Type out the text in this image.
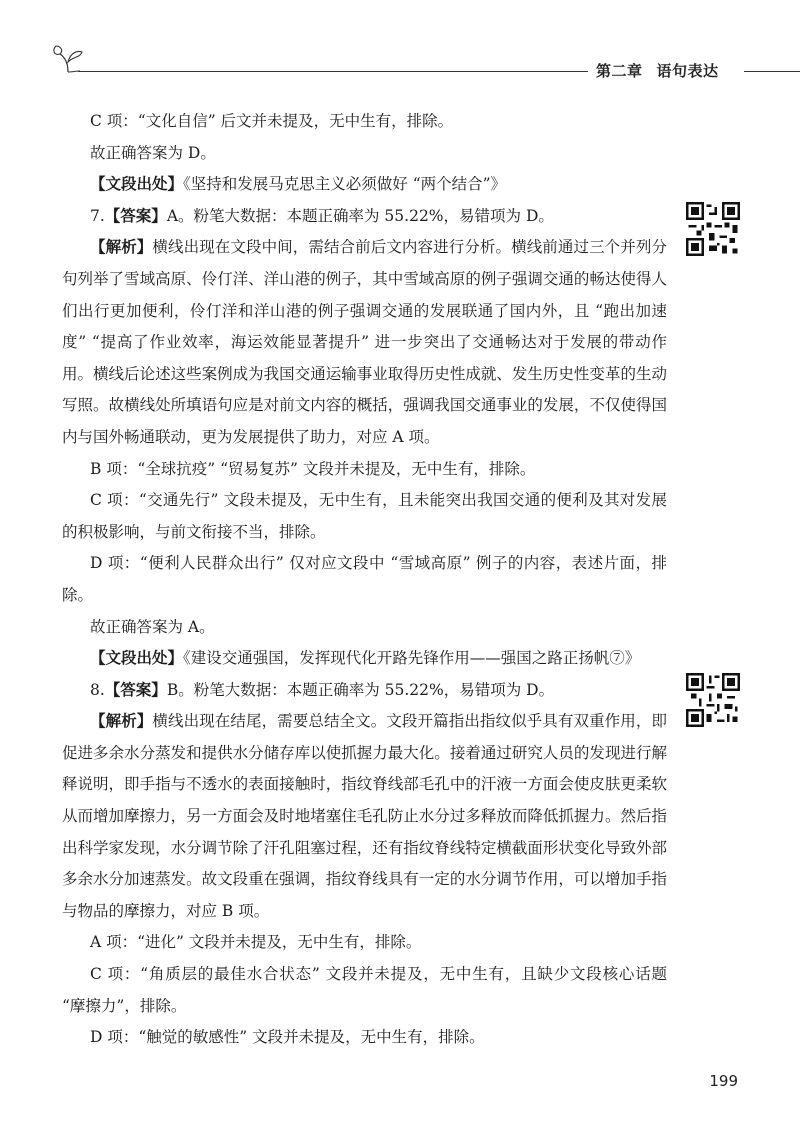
第二章 语句表达

C 项：“文化自信” 后文并未提及，无中生有，排除。

故正确答案为 D。

【文段出处】《坚持和发展马克思主义必须做好 “两个结合”》

7.【答案】A。粉笔大数据：本题正确率为 55.22%，易错项为 D。

【解析】横线出现在文段中间，需结合前后文内容进行分析。横线前通过三个并列分句列举了雪域高原、伶仃洋、洋山港的例子，其中雪域高原的例子强调交通的畅达使得人们出行更加便利，伶仃洋和洋山港的例子强调交通的发展联通了国内外，且 “跑出加速度” “提高了作业效率，海运效能显著提升” 进一步突出了交通畅达对于发展的带动作用。横线后论述这些案例成为我国交通运输事业取得历史性成就、发生历史性变革的生动写照。故横线处所填语句应是对前文内容的概括，强调我国交通事业的发展，不仅使得国内与国外畅通联动，更为发展提供了助力，对应 A 项。

B 项：“全球抗疫” “贸易复苏” 文段并未提及，无中生有，排除。

C 项：“交通先行” 文段未提及，无中生有，且未能突出我国交通的便利及其对发展的积极影响，与前文衔接不当，排除。

D 项：“便利人民群众出行” 仅对应文段中 “雪域高原” 例子的内容，表述片面，排除。

故正确答案为 A。

【文段出处】《建设交通强国，发挥现代化开路先锋作用——强国之路正扬帆⑦》

8.【答案】B。粉笔大数据：本题正确率为 55.22%，易错项为 D。

【解析】横线出现在结尾，需要总结全文。文段开篇指出指纹似乎具有双重作用，即促进多余水分蒸发和提供水分储存库以使抓握力最大化。接着通过研究人员的发现进行解释说明，即手指与不透水的表面接触时，指纹脊线部毛孔中的汗液一方面会使皮肤更柔软从而增加摩擦力，另一方面会及时地堵塞住毛孔防止水分过多释放而降低抓握力。然后指出科学家发现，水分调节除了汗孔阻塞过程，还有指纹脊线特定横截面形状变化导致外部多余水分加速蒸发。故文段重在强调，指纹脊线具有一定的水分调节作用，可以增加手指与物品的摩擦力，对应 B 项。

A 项：“进化” 文段并未提及，无中生有，排除。

C 项：“角质层的最佳水合状态” 文段并未提及，无中生有，且缺少文段核心话题 “摩擦力”，排除。

D 项：“触觉的敏感性” 文段并未提及，无中生有，排除。

199
